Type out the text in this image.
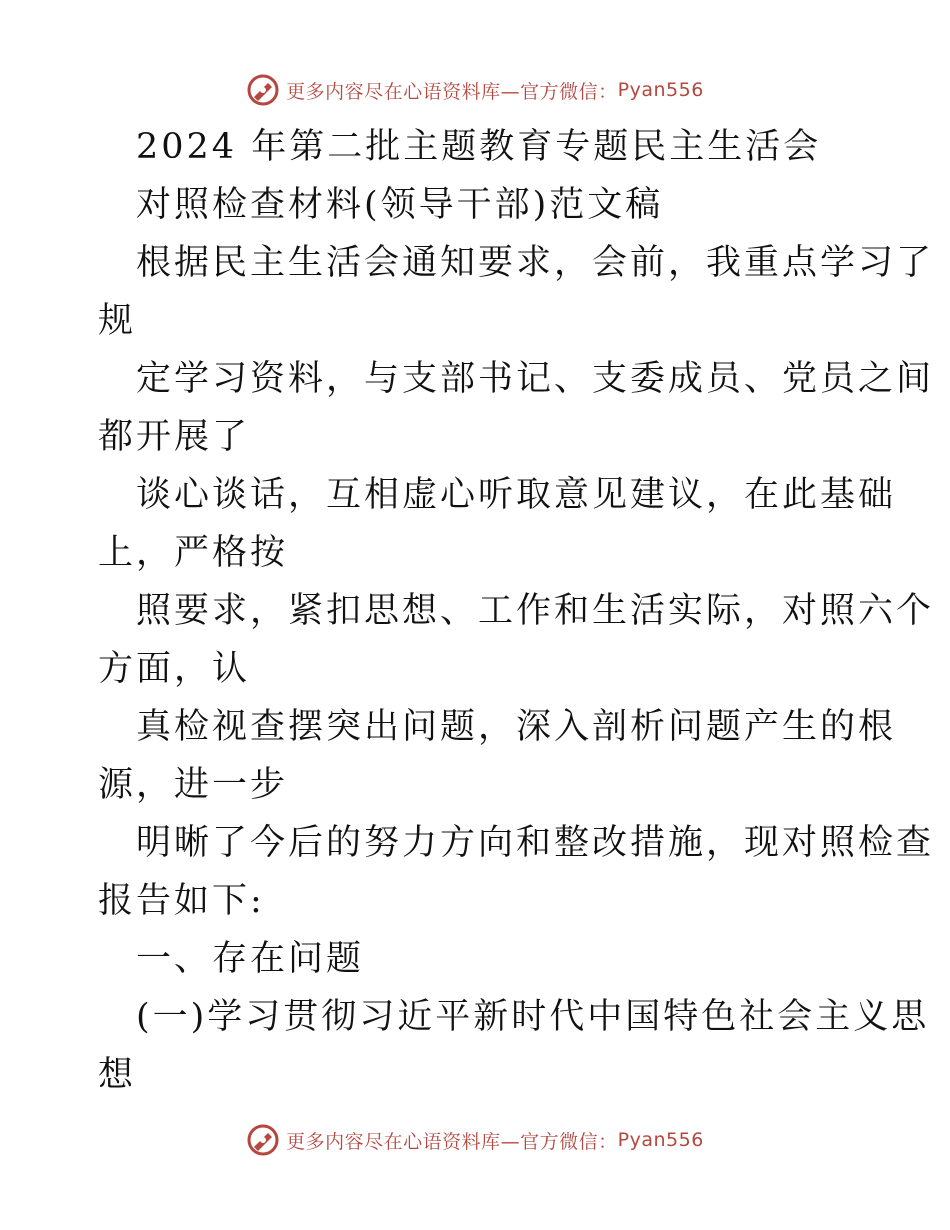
更多内容尽在心语资料库—官方微信： Pyan556
2024 年第二批主题教育专题民主生活会
对照检查材料(领导干部)范文稿
根据民主生活会通知要求，会前，我重点学习了
规
定学习资料，与支部书记、支委成员、党员之间
都开展了
谈心谈话，互相虚心听取意见建议，在此基础
上，严格按
照要求，紧扣思想、工作和生活实际，对照六个
方面，认
真检视查摆突出问题，深入剖析问题产生的根
源，进一步
明晰了今后的努力方向和整改措施，现对照检查
报告如下:
一、存在问题
(一)学习贯彻习近平新时代中国特色社会主义思
想
更多内容尽在心语资料库—官方微信： Pyan556
